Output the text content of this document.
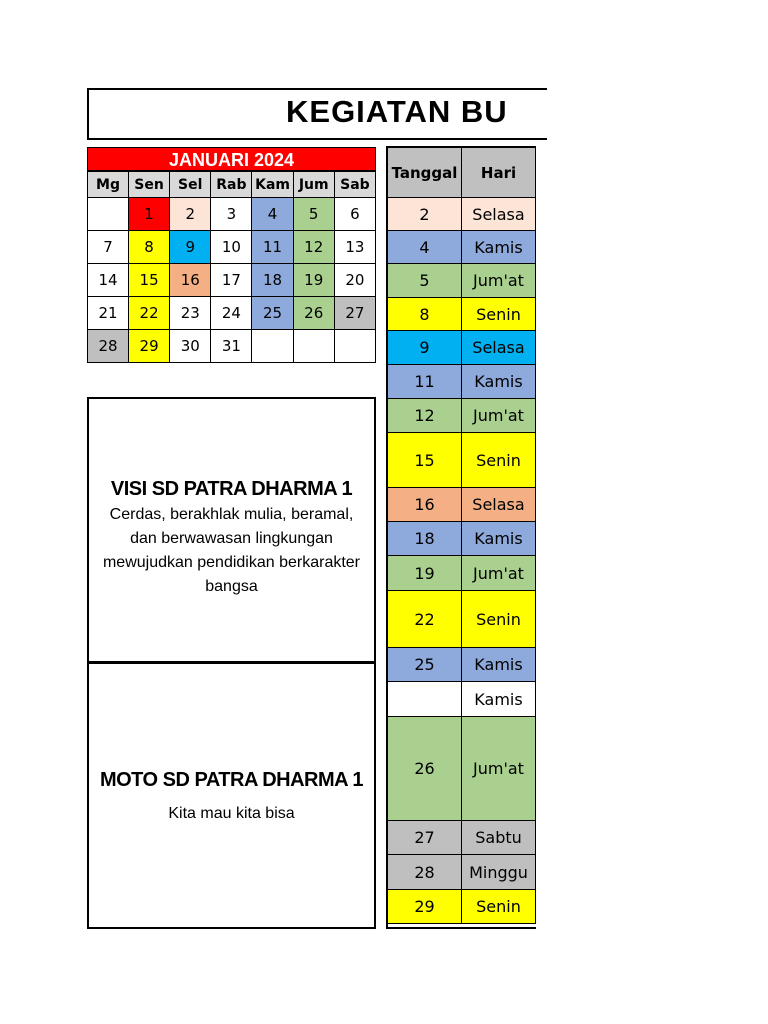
KEGIATAN BU
JANUARI 2024
Mg	Sen	Sel	Rab	Kam	Jum	Sab
	1	2	3	4	5	6
7	8	9	10	11	12	13
14	15	16	17	18	19	20
21	22	23	24	25	26	27
28	29	30	31			
VISI SD PATRA DHARMA 1
Cerdas, berakhlak mulia, beramal, dan berwawasan lingkungan mewujudkan pendidikan berkarakter bangsa
MOTO SD PATRA DHARMA 1
Kita mau kita bisa
Tanggal	Hari
2	Selasa
4	Kamis
5	Jum'at
8	Senin
9	Selasa
11	Kamis
12	Jum'at
15	Senin
16	Selasa
18	Kamis
19	Jum'at
22	Senin
25	Kamis
	Kamis
26	Jum'at
27	Sabtu
28	Minggu
29	Senin
